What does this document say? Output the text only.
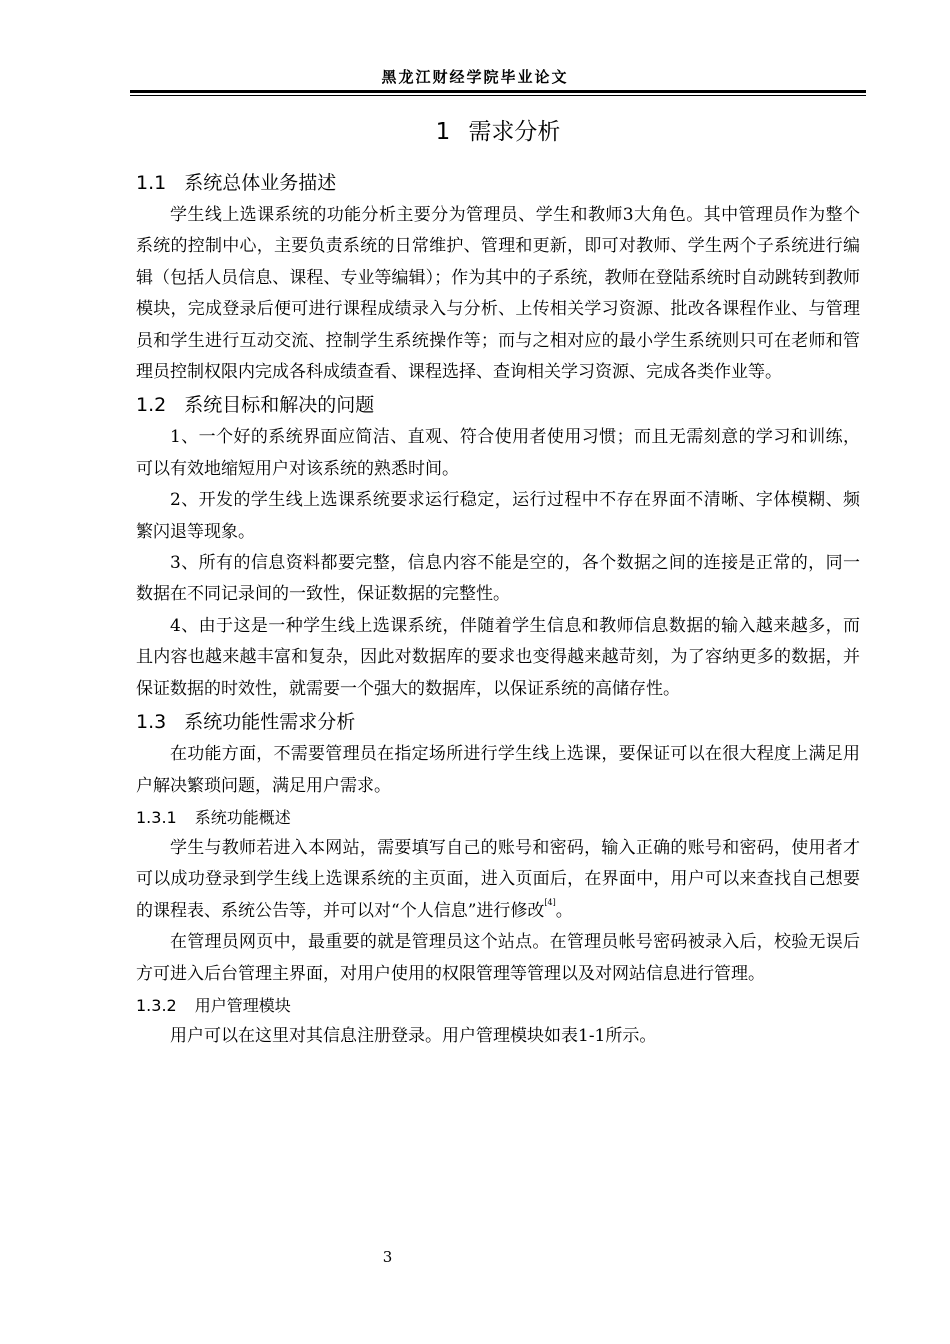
黑龙江财经学院毕业论文
1 需求分析
1.1 系统总体业务描述

学生线上选课系统的功能分析主要分为管理员、学生和教师3大角色。其中管理员作为整个系统的控制中心，主要负责系统的日常维护、管理和更新，即可对教师、学生两个子系统进行编辑（包括人员信息、课程、专业等编辑）；作为其中的子系统，教师在登陆系统时自动跳转到教师模块，完成登录后便可进行课程成绩录入与分析、上传相关学习资源、批改各课程作业、与管理员和学生进行互动交流、控制学生系统操作等；而与之相对应的最小学生系统则只可在老师和管理员控制权限内完成各科成绩查看、课程选择、查询相关学习资源、完成各类作业等。

1.2 系统目标和解决的问题

1、一个好的系统界面应简洁、直观、符合使用者使用习惯；而且无需刻意的学习和训练，可以有效地缩短用户对该系统的熟悉时间。

2、开发的学生线上选课系统要求运行稳定，运行过程中不存在界面不清晰、字体模糊、频繁闪退等现象。

3、所有的信息资料都要完整，信息内容不能是空的，各个数据之间的连接是正常的，同一数据在不同记录间的一致性，保证数据的完整性。

4、由于这是一种学生线上选课系统，伴随着学生信息和教师信息数据的输入越来越多，而且内容也越来越丰富和复杂，因此对数据库的要求也变得越来越苛刻，为了容纳更多的数据，并保证数据的时效性，就需要一个强大的数据库，以保证系统的高储存性。

1.3 系统功能性需求分析

在功能方面，不需要管理员在指定场所进行学生线上选课，要保证可以在很大程度上满足用户解决繁琐问题，满足用户需求。

1.3.1 系统功能概述

学生与教师若进入本网站，需要填写自己的账号和密码，输入正确的账号和密码，使用者才可以成功登录到学生线上选课系统的主页面，进入页面后，在界面中，用户可以来查找自己想要的课程表、系统公告等，并可以对“个人信息”进行修改[4]。

在管理员网页中，最重要的就是管理员这个站点。在管理员帐号密码被录入后，校验无误后方可进入后台管理主界面，对用户使用的权限管理等管理以及对网站信息进行管理。

1.3.2 用户管理模块

用户可以在这里对其信息注册登录。用户管理模块如表1-1所示。

3
